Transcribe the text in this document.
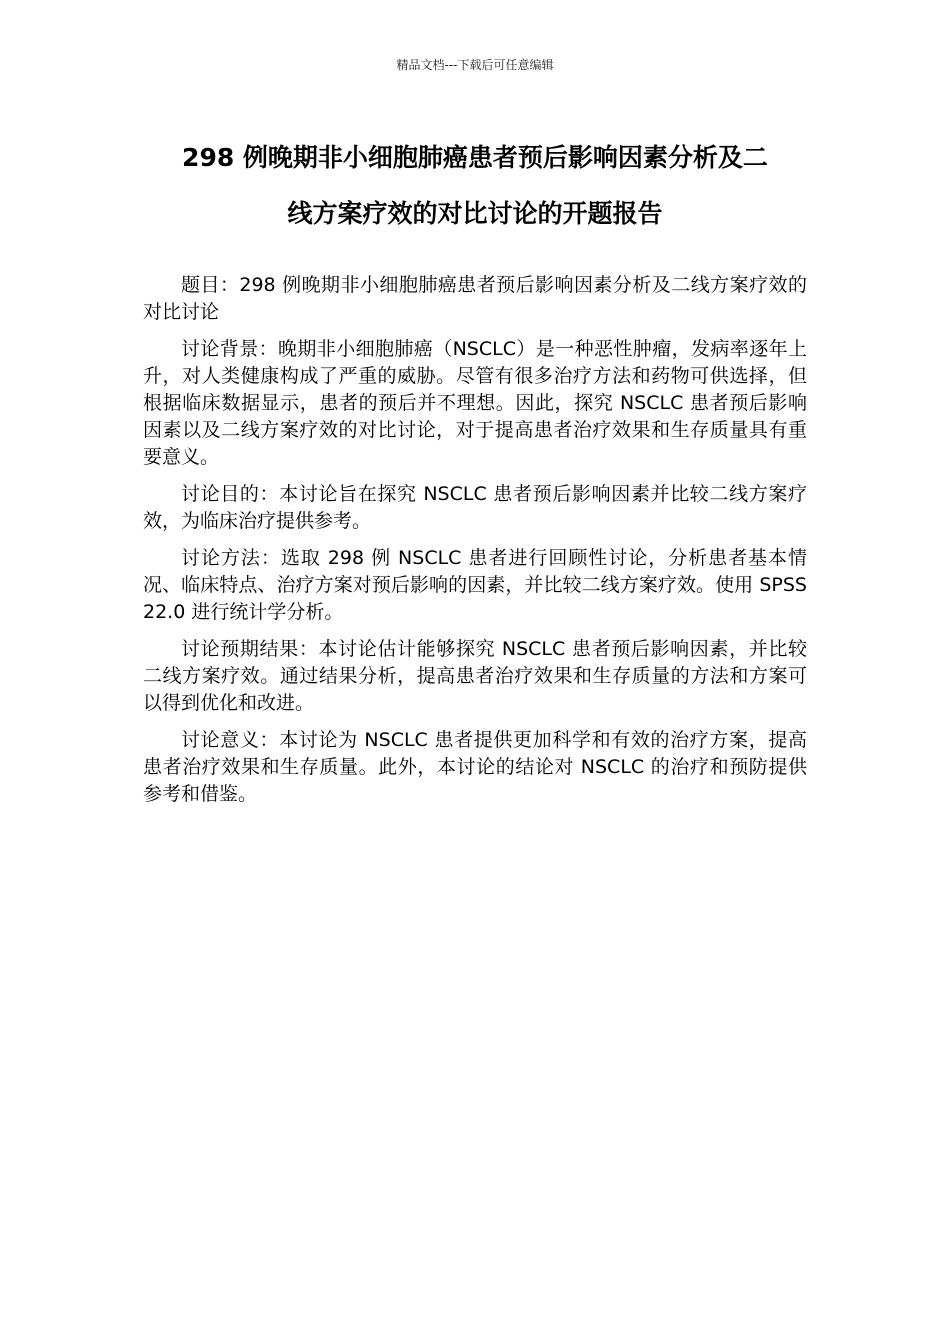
精品文档---下载后可任意编辑
298 例晚期非小细胞肺癌患者预后影响因素分析及二
线方案疗效的对比讨论的开题报告

题目：298 例晚期非小细胞肺癌患者预后影响因素分析及二线方案疗效的对比讨论

讨论背景：晚期非小细胞肺癌（NSCLC）是一种恶性肿瘤，发病率逐年上升，对人类健康构成了严重的威胁。尽管有很多治疗方法和药物可供选择，但根据临床数据显示，患者的预后并不理想。因此，探究 NSCLC 患者预后影响因素以及二线方案疗效的对比讨论，对于提高患者治疗效果和生存质量具有重要意义。

讨论目的：本讨论旨在探究 NSCLC 患者预后影响因素并比较二线方案疗效，为临床治疗提供参考。

讨论方法：选取 298 例 NSCLC 患者进行回顾性讨论，分析患者基本情况、临床特点、治疗方案对预后影响的因素，并比较二线方案疗效。使用 SPSS 22.0 进行统计学分析。

讨论预期结果：本讨论估计能够探究 NSCLC 患者预后影响因素，并比较二线方案疗效。通过结果分析，提高患者治疗效果和生存质量的方法和方案可以得到优化和改进。

讨论意义：本讨论为 NSCLC 患者提供更加科学和有效的治疗方案，提高患者治疗效果和生存质量。此外，本讨论的结论对 NSCLC 的治疗和预防提供参考和借鉴。
